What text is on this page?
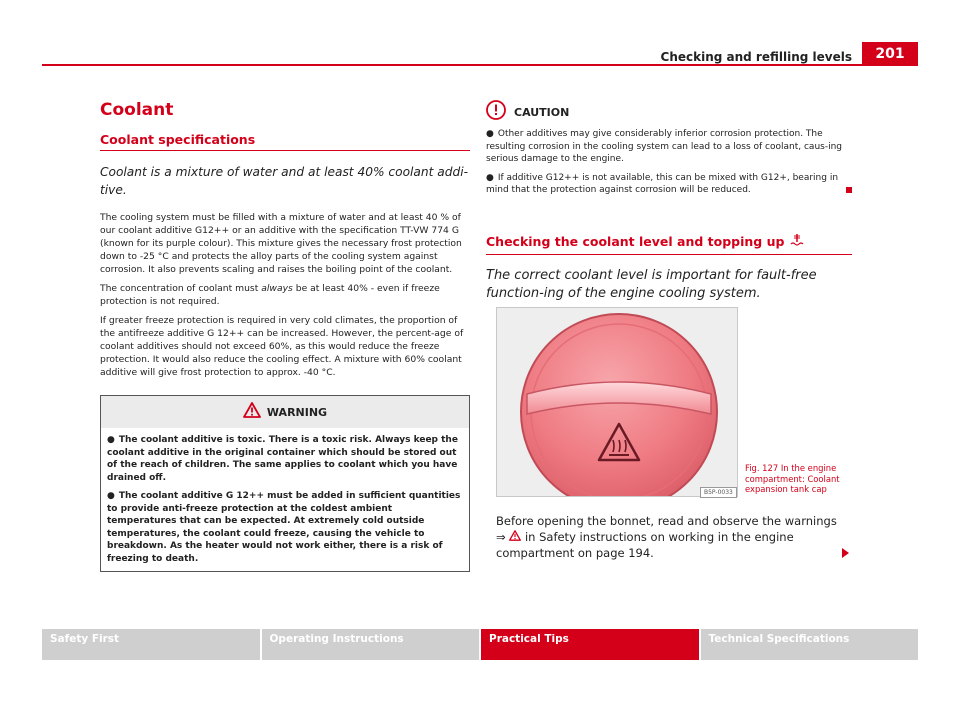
Checking and refilling levels	201
Coolant
Coolant specifications
Coolant is a mixture of water and at least 40% coolant addi-tive.

The cooling system must be filled with a mixture of water and at least 40 % of our coolant additive G12++ or an additive with the specification TT-VW 774 G (known for its purple colour). This mixture gives the necessary frost protection down to -25 °C and protects the alloy parts of the cooling system against corrosion. It also prevents scaling and raises the boiling point of the coolant.

The concentration of coolant must always be at least 40% - even if freeze protection is not required.

If greater freeze protection is required in very cold climates, the proportion of the antifreeze additive G 12++ can be increased. However, the percent-age of coolant additives should not exceed 60%, as this would reduce the freeze protection. It would also reduce the cooling effect. A mixture with 60% coolant additive will give frost protection to approx. -40 °C.

WARNING

● The coolant additive is toxic. There is a toxic risk. Always keep the coolant additive in the original container which should be stored out of the reach of children. The same applies to coolant which you have drained off.

● The coolant additive G 12++ must be added in sufficient quantities to provide anti-freeze protection at the coldest ambient temperatures that can be expected. At extremely cold outside temperatures, the coolant could freeze, causing the vehicle to breakdown. As the heater would not work either, there is a risk of freezing to death.

CAUTION

● Other additives may give considerably inferior corrosion protection. The resulting corrosion in the cooling system can lead to a loss of coolant, caus-ing serious damage to the engine.

● If additive G12++ is not available, this can be mixed with G12+, bearing in mind that the protection against corrosion will be reduced.

Checking the coolant level and topping up
The correct coolant level is important for fault-free function-ing of the engine cooling system.
B5P-0033
Fig. 127 In the engine compartment: Coolant expansion tank cap
Before opening the bonnet, read and observe the warnings ⇒  in Safety instructions on working in the engine compartment on page 194.
Safety First	Operating Instructions	Practical Tips	Technical Specifications
